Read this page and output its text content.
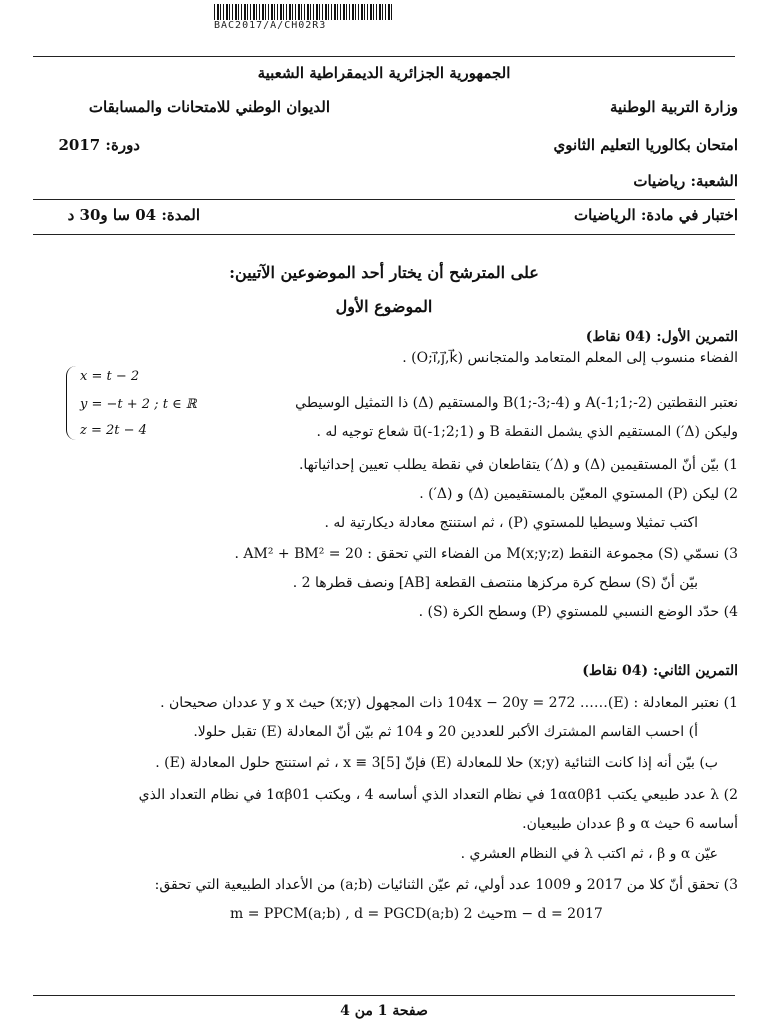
BAC2017/A/CH02R3
الجمهورية الجزائرية الديمقراطية الشعبية
وزارة التربية الوطنية
الديوان الوطني للامتحانات والمسابقات
امتحان بكالوريا التعليم الثانوي
دورة: 2017
الشعبة: رياضيات
اختبار في مادة: الرياضيات
المدة: 04 سا و30 د
على المترشح أن يختار أحد الموضوعين الآتيين:
الموضوع الأول
التمرين الأول: (04 نقاط)
الفضاء منسوب إلى المعلم المتعامد والمتجانس (O;i⃗,j⃗,k⃗) .
x = t − 2
y = −t + 2 ; t ∈ ℝ
z = 2t − 4
نعتبر النقطتين (2-;1;1-)A و B(1;-3;-4) والمستقيم (Δ) ذا التمثيل الوسيطي
وليكن (Δ′) المستقيم الذي يشمل النقطة B و u⃗(-1;2;1) شعاع توجيه له .
1) بيّن أنّ المستقيمين (Δ) و (Δ′) يتقاطعان في نقطة يطلب تعيين إحداثياتها.
2) ليكن (P) المستوي المعيّن بالمستقيمين (Δ) و (Δ′) .
اكتب تمثيلا وسيطيا للمستوي (P) ، ثم استنتج معادلة ديكارتية له .
3) نسمّي (S) مجموعة النقط M(x;y;z) من الفضاء التي تحقق : AM² + BM² = 20 .
بيّن أنّ (S) سطح كرة مركزها منتصف القطعة [AB] ونصف قطرها 2 .
4) حدّد الوضع النسبي للمستوي (P) وسطح الكرة (S) .
التمرين الثاني: (04 نقاط)
1) نعتبر المعادلة : 104x − 20y = 272 ……(E) ذات المجهول (x;y) حيث x و y عددان صحيحان .
أ) احسب القاسم المشترك الأكبر للعددين 20 و 104 ثم بيّن أنّ المعادلة (E) تقبل حلولا.
ب) بيّن أنه إذا كانت الثنائية (x;y) حلا للمعادلة (E) فإنّ x ≡ 3[5] ، ثم استنتج حلول المعادلة (E) .
2) λ عدد طبيعي يكتب 1αα0β1 في نظام التعداد الذي أساسه 4 ، ويكتب 1αβ01 في نظام التعداد الذي
أساسه 6 حيث α و β عددان طبيعيان.
عيّن α و β ، ثم اكتب λ في النظام العشري .
3) تحقق أنّ كلا من 2017 و 1009 عدد أولي، ثم عيّن الثنائيات (a;b) من الأعداد الطبيعية التي تحقق:
m = PPCM(a;b) , d = PGCD(a;b) حيث 2m − d = 2017
صفحة 1 من 4
